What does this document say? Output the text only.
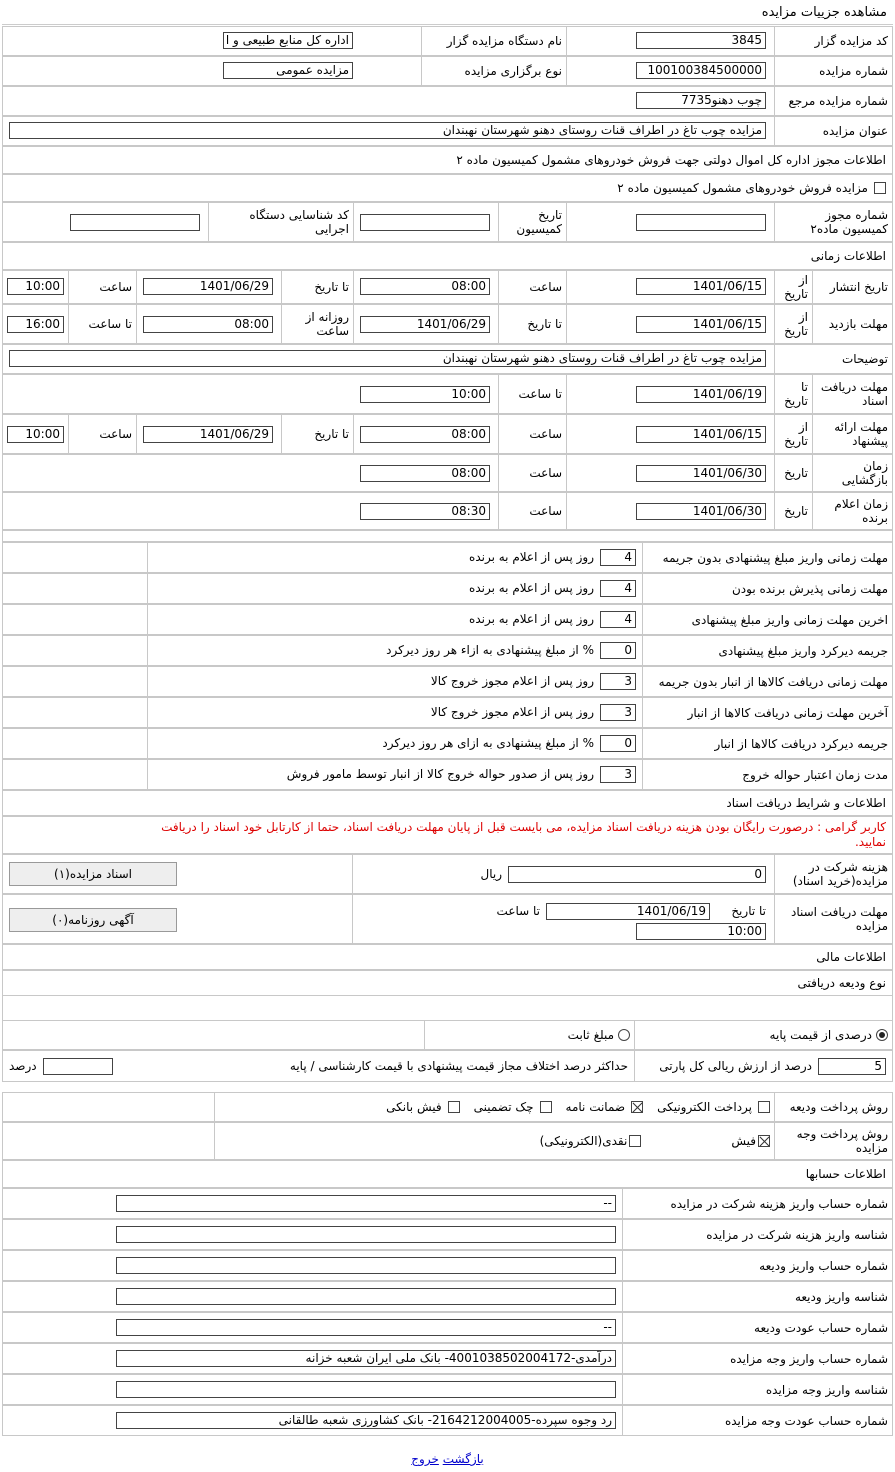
مشاهده جزییات مزایده
کد مزایده گزار
3845
نام دستگاه مزایده گزار
اداره کل منابع طبیعی و ا
شماره مزایده
100100384500000
نوع برگزاری مزایده
مزایده عمومی
شماره مزایده مرجع
7735چوب دهنو
عنوان مزایده
مزایده چوب تاغ در اطراف قنات روستای دهنو شهرستان نهبندان
اطلاعات مجوز اداره کل اموال دولتی جهت فروش خودروهای مشمول کمیسیون ماده ۲
مزایده فروش خودروهای مشمول کمیسیون ماده ۲
شماره مجوز کمیسیون ماده۲
تاریخ کمیسیون
کد شناسایی دستگاه اجرایی
اطلاعات زمانی
تاریخ انتشار
از تاریخ
1401/06/15
ساعت
08:00
تا تاریخ
1401/06/29
ساعت
10:00
مهلت بازدید
از تاریخ
1401/06/15
تا تاریخ
1401/06/29
روزانه از ساعت
08:00
تا ساعت
16:00
توضیحات
مزایده چوب تاغ در اطراف قنات روستای دهنو شهرستان نهبندان
مهلت دریافت اسناد
تا تاریخ
1401/06/19
تا ساعت
10:00
مهلت ارائه پیشنهاد
از تاریخ
1401/06/15
ساعت
08:00
تا تاریخ
1401/06/29
ساعت
10:00
زمان بازگشایی
تاریخ
1401/06/30
ساعت
08:00
زمان اعلام برنده
تاریخ
1401/06/30
ساعت
08:30
مهلت زمانی واریز مبلغ پیشنهادی بدون جریمه
4
روز پس از اعلام به برنده
مهلت زمانی پذیرش برنده بودن
4
روز پس از اعلام به برنده
اخرین مهلت زمانی واریز مبلغ پیشنهادی
4
روز پس از اعلام به برنده
جریمه دیرکرد واریز مبلغ پیشنهادی
0
% از مبلغ پیشنهادی به ازاء هر روز دیرکرد
مهلت زمانی دریافت کالاها از انبار بدون جریمه
3
روز پس از اعلام مجوز خروج کالا
آخرین مهلت زمانی دریافت کالاها از انبار
3
روز پس از اعلام مجوز خروج کالا
جریمه دیرکرد دریافت کالاها از انبار
0
% از مبلغ پیشنهادی به ازای هر روز دیرکرد
مدت زمان اعتبار حواله خروج
3
روز پس از صدور حواله خروج کالا از انبار توسط مامور فروش
اطلاعات و شرایط دریافت اسناد
کاربر گرامی : درصورت رایگان بودن هزینه دریافت اسناد مزایده، می بایست قبل از پایان مهلت دریافت اسناد، حتما از کارتابل خود اسناد را دریافت نمایید.
هزینه شرکت در مزایده(خرید اسناد)
0
ریال
اسناد مزایده(۱)
مهلت دریافت اسناد مزایده
تا تاریخ
1401/06/19
تا ساعت
10:00
آگهی روزنامه(۰)
اطلاعات مالی
نوع ودیعه دریافتی
درصدی از قیمت پایه
مبلغ ثابت
5
درصد از ارزش ریالی کل پارتی
حداکثر درصد اختلاف مجاز قیمت پیشنهادی با قیمت کارشناسی / پایه
درصد
روش پرداخت ودیعه
پرداخت الکترونیکی
ضمانت نامه
چک تضمینی
فیش بانکی
روش پرداخت وجه مزایده
فیش
نقدی(الکترونیکی)
اطلاعات حسابها
شماره حساب واریز هزینه شرکت در مزایده
--
شناسه واریز هزینه شرکت در مزایده
شماره حساب واریز ودیعه
شناسه واریز ودیعه
شماره حساب عودت ودیعه
--
شماره حساب واریز وجه مزایده
درآمدی-4001038502004172- بانک ملی ایران شعبه خزانه
شناسه واریز وجه مزایده
شماره حساب عودت وجه مزایده
رد وجوه سپرده-2164212004005- بانک کشاورزی شعبه طالقانی
بازگشت خروج
